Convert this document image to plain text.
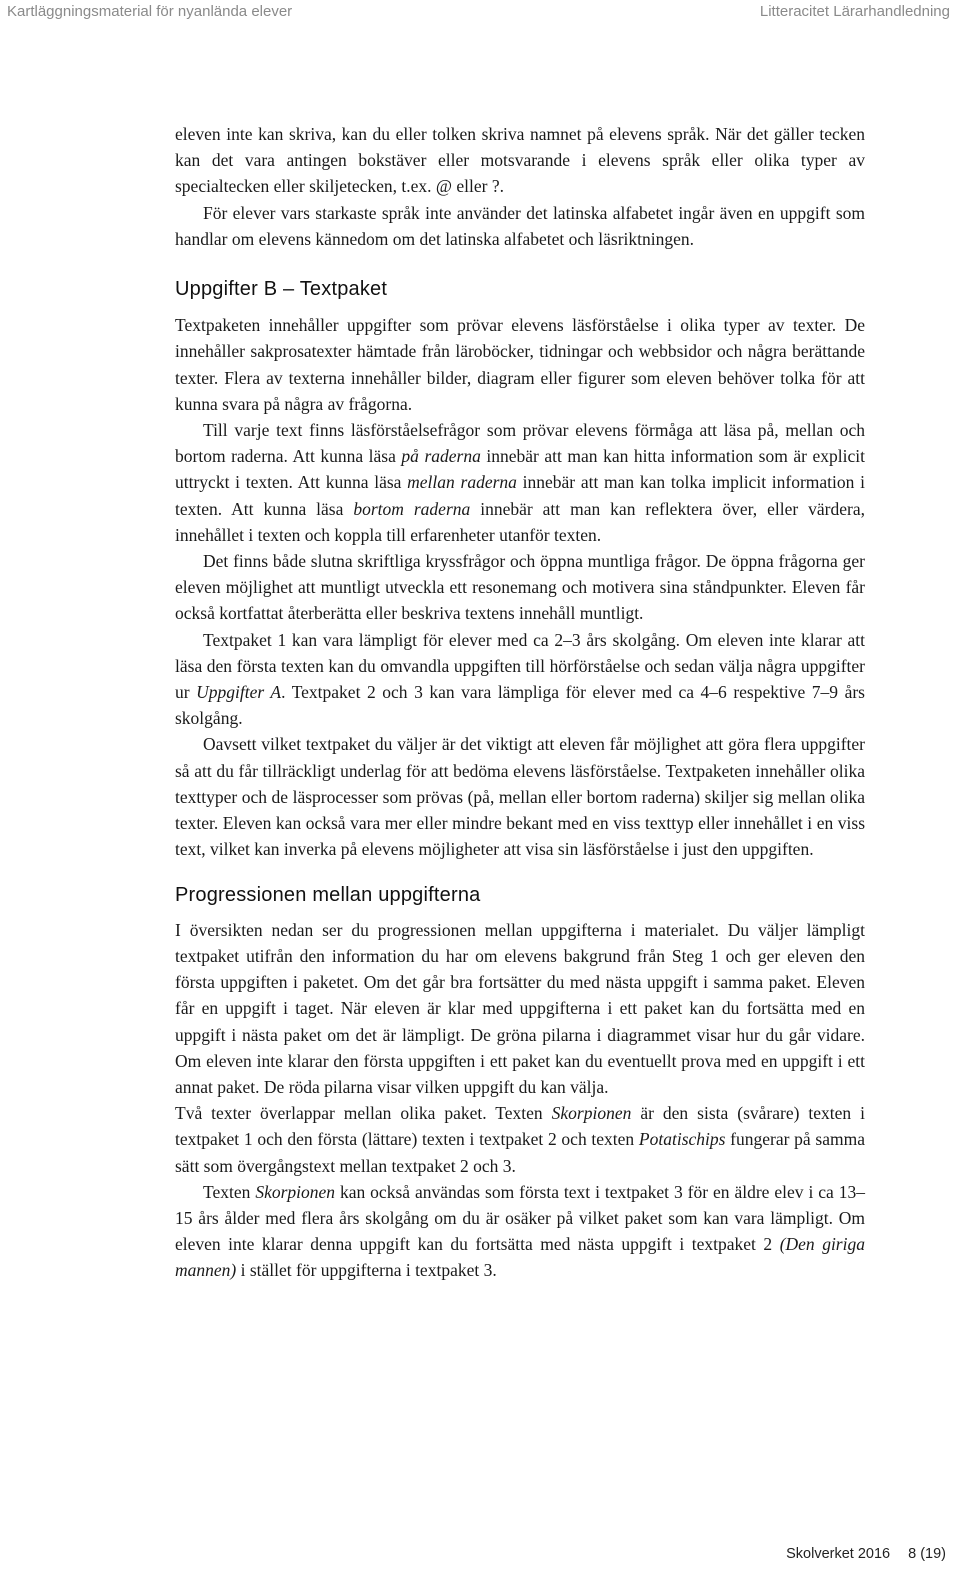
Kartläggningsmaterial för nyanlända elever	Litteracitet Lärarhandledning

eleven inte kan skriva, kan du eller tolken skriva namnet på elevens språk. När det gäller tecken kan det vara antingen bokstäver eller motsvarande i elevens språk eller olika typer av specialtecken eller skiljetecken, t.ex. @ eller ?.

För elever vars starkaste språk inte använder det latinska alfabetet ingår även en uppgift som handlar om elevens kännedom om det latinska alfabetet och läsriktningen.

Uppgifter B – Textpaket

Textpaketen innehåller uppgifter som prövar elevens läsförståelse i olika typer av texter. De innehåller sakprosatexter hämtade från läroböcker, tidningar och webbsidor och några berättande texter. Flera av texterna innehåller bilder, diagram eller figurer som eleven behöver tolka för att kunna svara på några av frågorna.

Till varje text finns läsförståelsefrågor som prövar elevens förmåga att läsa på, mellan och bortom raderna. Att kunna läsa på raderna innebär att man kan hitta information som är explicit uttryckt i texten. Att kunna läsa mellan raderna innebär att man kan tolka implicit information i texten. Att kunna läsa bortom raderna innebär att man kan reflektera över, eller värdera, innehållet i texten och koppla till erfarenheter utanför texten.

Det finns både slutna skriftliga kryssfrågor och öppna muntliga frågor. De öppna frågorna ger eleven möjlighet att muntligt utveckla ett resonemang och motivera sina ståndpunkter. Eleven får också kortfattat återberätta eller beskriva textens innehåll muntligt.

Textpaket 1 kan vara lämpligt för elever med ca 2–3 års skolgång. Om eleven inte klarar att läsa den första texten kan du omvandla uppgiften till hörförståelse och sedan välja några uppgifter ur Uppgifter A. Textpaket 2 och 3 kan vara lämpliga för elever med ca 4–6 respektive 7–9 års skolgång.

Oavsett vilket textpaket du väljer är det viktigt att eleven får möjlighet att göra flera uppgifter så att du får tillräckligt underlag för att bedöma elevens läsförståelse. Textpaketen innehåller olika texttyper och de läsprocesser som prövas (på, mellan eller bortom raderna) skiljer sig mellan olika texter. Eleven kan också vara mer eller mindre bekant med en viss texttyp eller innehållet i en viss text, vilket kan inverka på elevens möjligheter att visa sin läsförståelse i just den uppgiften.

Progressionen mellan uppgifterna

I översikten nedan ser du progressionen mellan uppgifterna i materialet. Du väljer lämpligt textpaket utifrån den information du har om elevens bakgrund från Steg 1 och ger eleven den första uppgiften i paketet. Om det går bra fortsätter du med nästa uppgift i samma paket. Eleven får en uppgift i taget. När eleven är klar med uppgifterna i ett paket kan du fortsätta med en uppgift i nästa paket om det är lämpligt. De gröna pilarna i diagrammet visar hur du går vidare. Om eleven inte klarar den första uppgiften i ett paket kan du eventuellt prova med en uppgift i ett annat paket. De röda pilarna visar vilken uppgift du kan välja.

Två texter överlappar mellan olika paket. Texten Skorpionen är den sista (svårare) texten i textpaket 1 och den första (lättare) texten i textpaket 2 och texten Potatischips fungerar på samma sätt som övergångstext mellan textpaket 2 och 3.

Texten Skorpionen kan också användas som första text i textpaket 3 för en äldre elev i ca 13–15 års ålder med flera års skolgång om du är osäker på vilket paket som kan vara lämpligt. Om eleven inte klarar denna uppgift kan du fortsätta med nästa uppgift i textpaket 2 (Den giriga mannen) i stället för uppgifterna i textpaket 3.

Skolverket 2016 8 (19)
